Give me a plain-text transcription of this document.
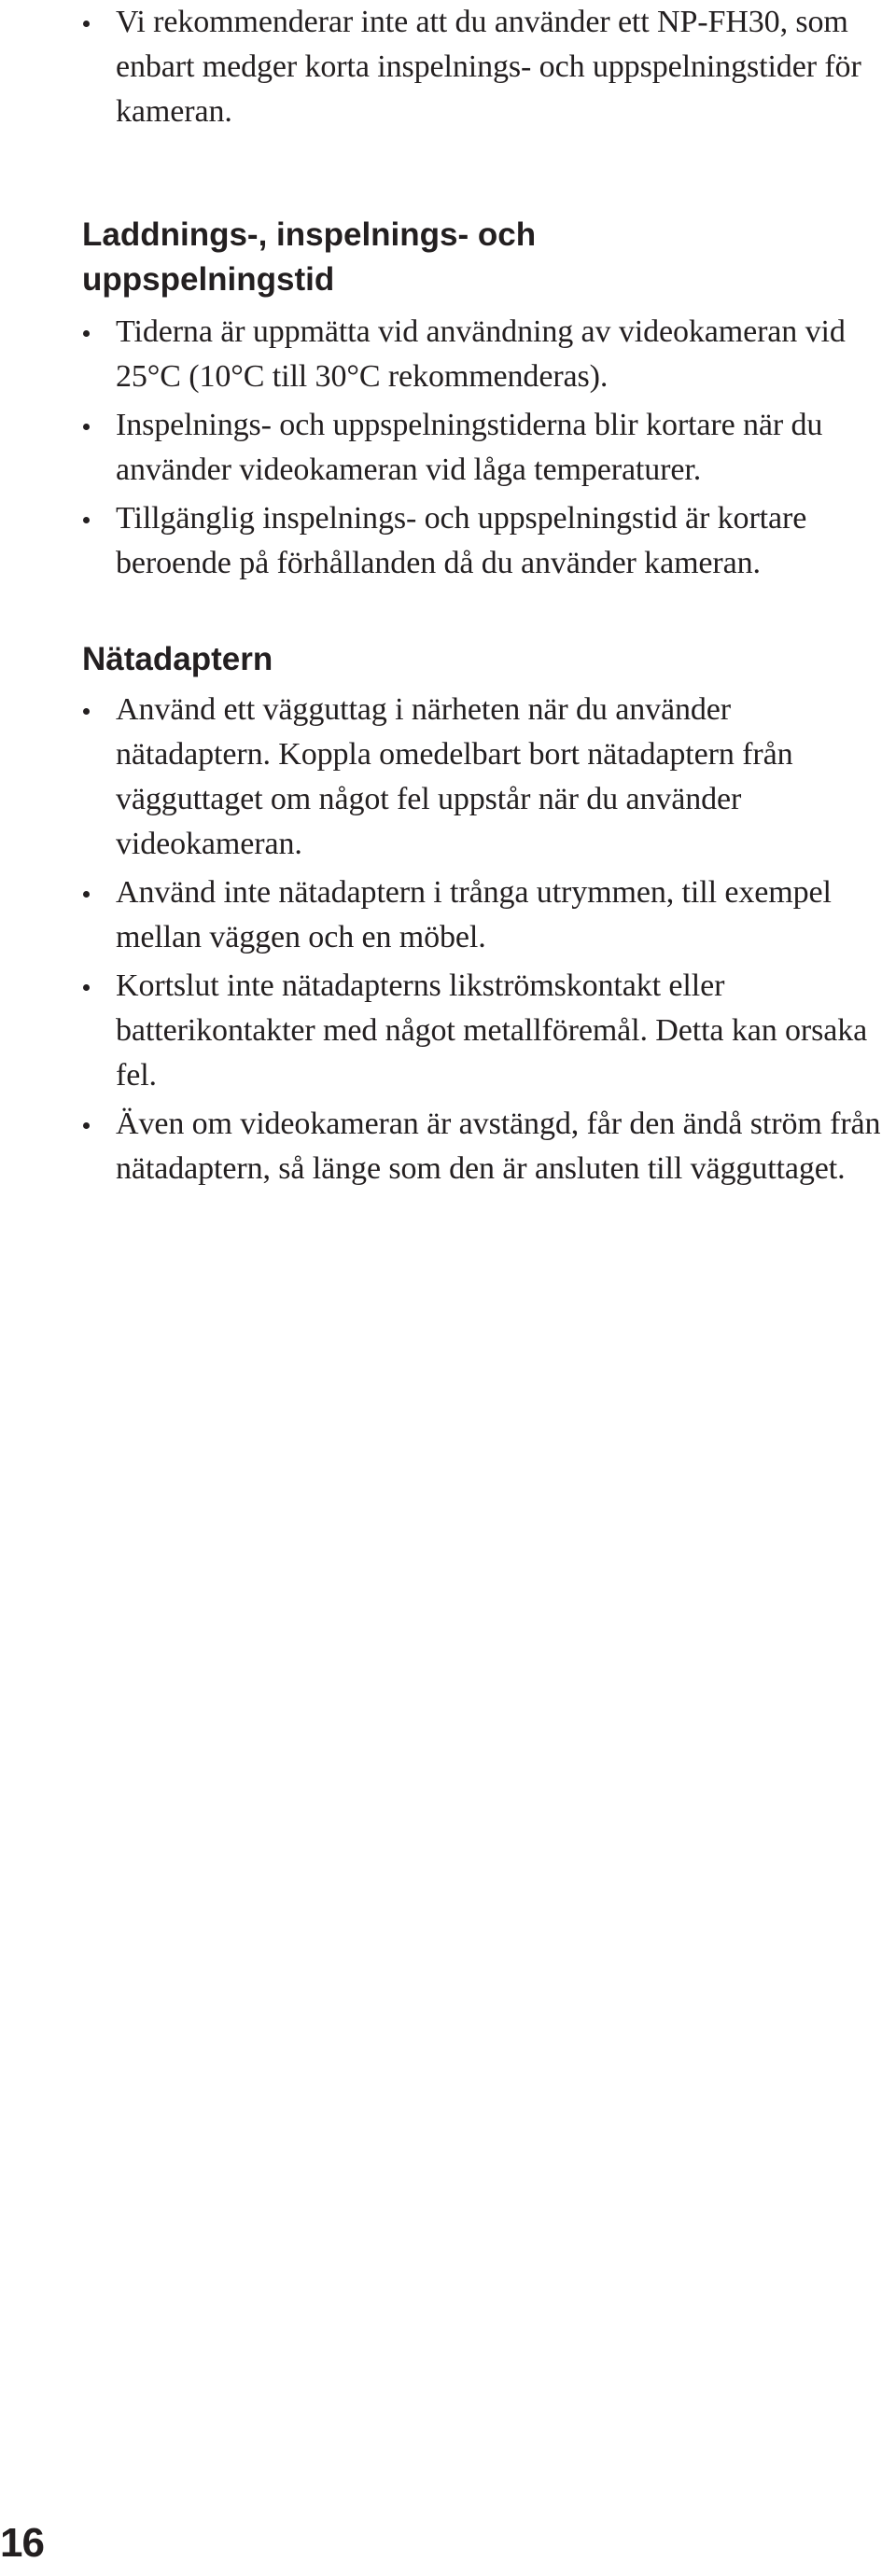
Vi rekommenderar inte att du använder ett NP-FH30, som enbart medger korta inspelnings- och uppspelningstider för kameran.
Laddnings-, inspelnings- och
uppspelningstid
Tiderna är uppmätta vid användning av videokameran vid 25°C (10°C till 30°C rekommenderas).
Inspelnings- och uppspelningstiderna blir kortare när du använder videokameran vid låga temperaturer.
Tillgänglig inspelnings- och uppspelningstid är kortare beroende på förhållanden då du använder kameran.
Nätadaptern
Använd ett vägguttag i närheten när du använder nätadaptern. Koppla omedelbart bort nätadaptern från vägguttaget om något fel uppstår när du använder videokameran.
Använd inte nätadaptern i trånga utrymmen, till exempel mellan väggen och en möbel.
Kortslut inte nätadapterns likströmskontakt eller batterikontakter med något metallföremål. Detta kan orsaka fel.
Även om videokameran är avstängd, får den ändå ström från nätadaptern, så länge som den är ansluten till vägguttaget.
16
